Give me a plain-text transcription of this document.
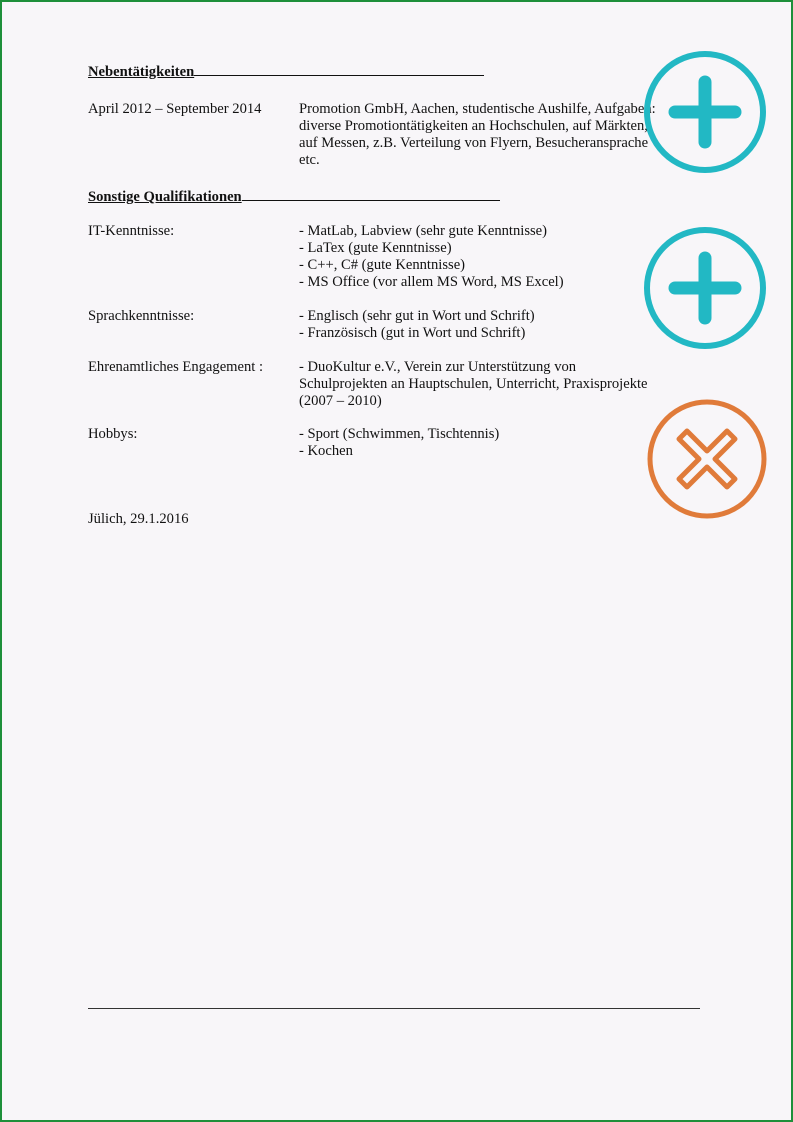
Nebentätigkeiten
April 2012 – September 2014	Promotion GmbH, Aachen, studentische Aushilfe, Aufgaben:
diverse Promotiontätigkeiten an Hochschulen, auf Märkten,
auf Messen, z.B. Verteilung von Flyern, Besucheransprache
etc.
Sonstige Qualifikationen
IT-Kenntnisse:	- MatLab, Labview (sehr gute Kenntnisse)
- LaTex (gute Kenntnisse)
- C++, C# (gute Kenntnisse)
- MS Office (vor allem MS Word, MS Excel)
Sprachkenntnisse:	- Englisch (sehr gut in Wort und Schrift)
- Französisch (gut in Wort und Schrift)
Ehrenamtliches Engagement :	- DuoKultur e.V., Verein zur Unterstützung von
Schulprojekten an Hauptschulen, Unterricht, Praxisprojekte
(2007 – 2010)
Hobbys:	- Sport (Schwimmen, Tischtennis)
- Kochen
Jülich, 29.1.2016
